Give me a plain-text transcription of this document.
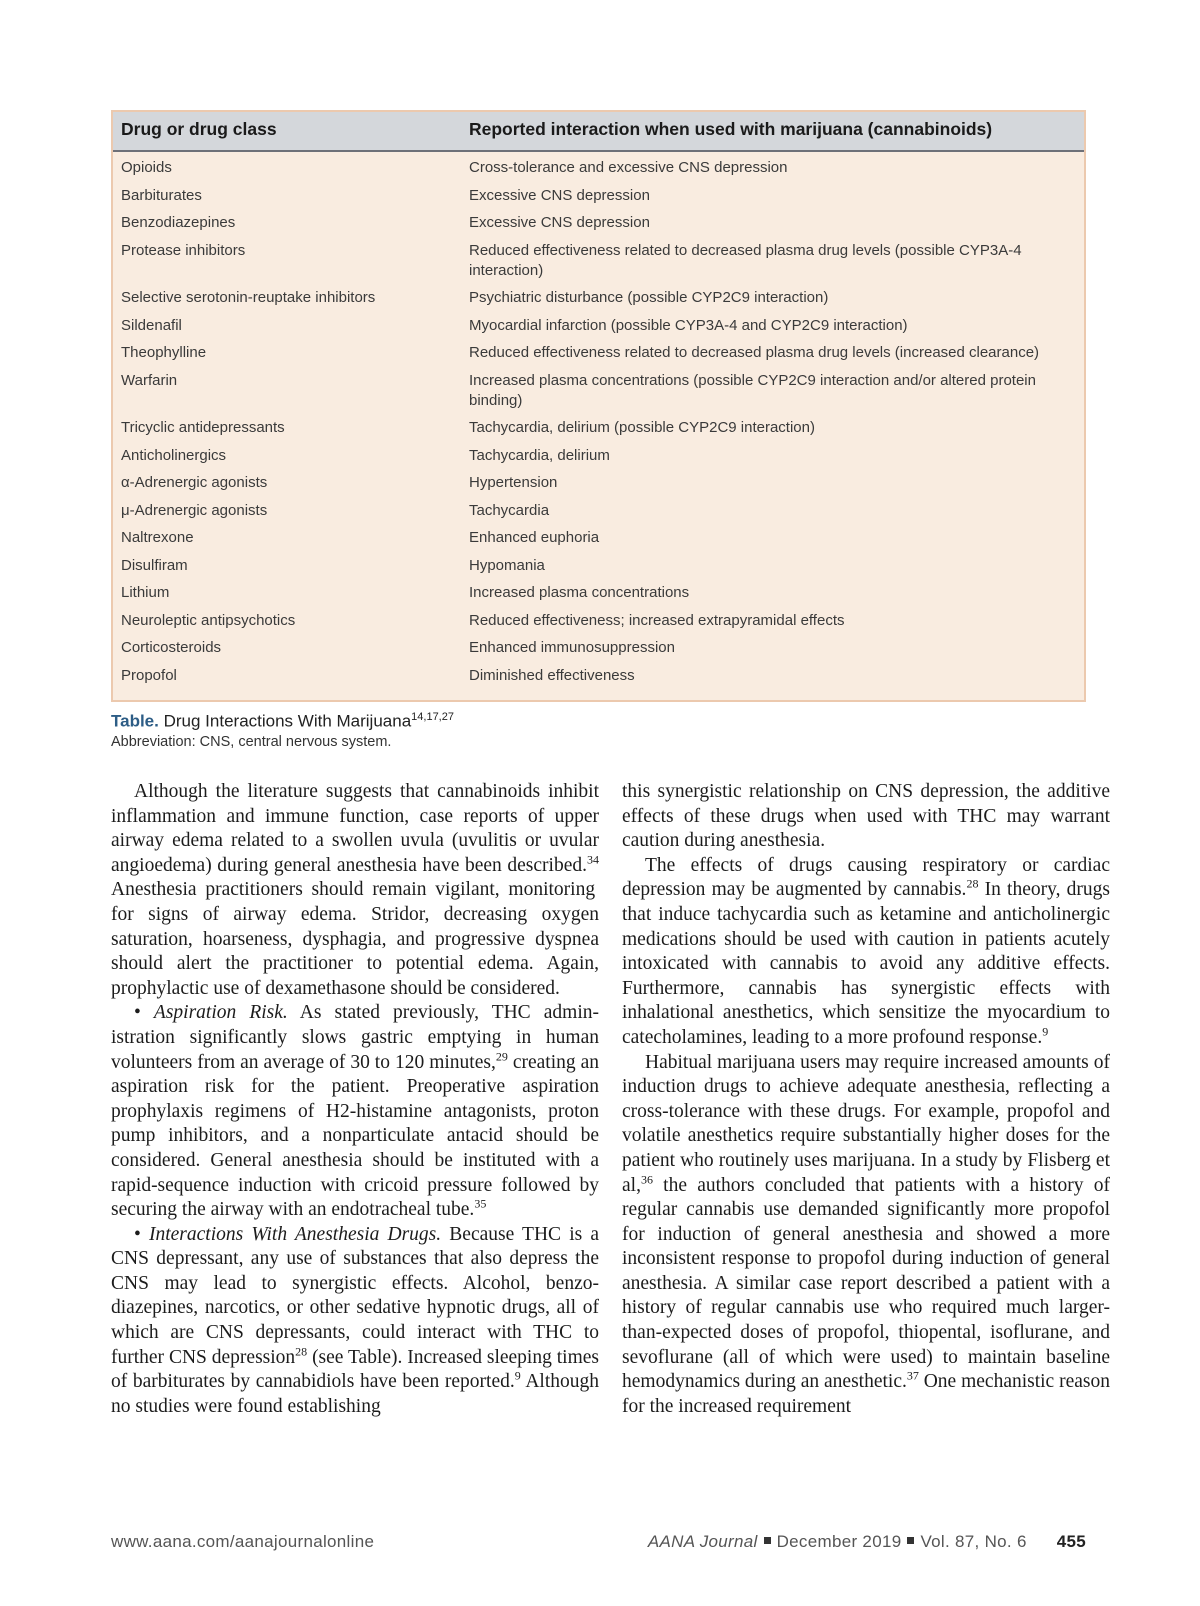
Drug or drug class	Reported interaction when used with marijuana (cannabinoids)
Opioids	Cross-tolerance and excessive CNS depression
Barbiturates	Excessive CNS depression
Benzodiazepines	Excessive CNS depression
Protease inhibitors	Reduced effectiveness related to decreased plasma drug levels (possible CYP3A-4 interaction)
Selective serotonin-reuptake inhibitors	Psychiatric disturbance (possible CYP2C9 interaction)
Sildenafil	Myocardial infarction (possible CYP3A-4 and CYP2C9 interaction)
Theophylline	Reduced effectiveness related to decreased plasma drug levels (increased clearance)
Warfarin	Increased plasma concentrations (possible CYP2C9 interaction and/or altered protein binding)
Tricyclic antidepressants	Tachycardia, delirium (possible CYP2C9 interaction)
Anticholinergics	Tachycardia, delirium
α-Adrenergic agonists	Hypertension
μ-Adrenergic agonists	Tachycardia
Naltrexone	Enhanced euphoria
Disulfiram	Hypomania
Lithium	Increased plasma concentrations
Neuroleptic antipsychotics	Reduced effectiveness; increased extrapyramidal effects
Corticosteroids	Enhanced immunosuppression
Propofol	Diminished effectiveness
Table. Drug Interactions With Marijuana$^{14,17,27}$
Abbreviation: CNS, central nervous system.

Although the literature suggests that cannabinoids inhibit inflammation and immune function, case reports of upper airway edema related to a swollen uvula (uvulitis or uvular angioedema) during general anesthesia have been described.$^{34}$ Anesthesia practitioners should remain vigilant, monitoring for signs of airway edema. Stridor, decreasing oxygen saturation, hoarseness, dysphagia, and progressive dyspnea should alert the practitioner to potential edema. Again, prophylactic use of dexamethasone should be considered.

• Aspiration Risk. As stated previously, THC administration significantly slows gastric emptying in human volunteers from an average of 30 to 120 minutes,$^{29}$ creating an aspiration risk for the patient. Preoperative aspiration prophylaxis regimens of H2-histamine antagonists, proton pump inhibitors, and a nonparticulate antacid should be considered. General anesthesia should be instituted with a rapid-sequence induction with cricoid pressure followed by securing the airway with an endotracheal tube.$^{35}$

• Interactions With Anesthesia Drugs. Because THC is a CNS depressant, any use of substances that also depress the CNS may lead to synergistic effects. Alcohol, benzodiazepines, narcotics, or other sedative hypnotic drugs, all of which are CNS depressants, could interact with THC to further CNS depression$^{28}$ (see Table). Increased sleeping times of barbiturates by cannabidiols have been reported.$^9$ Although no studies were found establishing

this synergistic relationship on CNS depression, the additive effects of these drugs when used with THC may warrant caution during anesthesia.

The effects of drugs causing respiratory or cardiac depression may be augmented by cannabis.$^{28}$ In theory, drugs that induce tachycardia such as ketamine and anticholinergic medications should be used with caution in patients acutely intoxicated with cannabis to avoid any additive effects. Furthermore, cannabis has synergistic effects with inhalational anesthetics, which sensitize the myocardium to catecholamines, leading to a more profound response.$^9$

Habitual marijuana users may require increased amounts of induction drugs to achieve adequate anesthesia, reflecting a cross-tolerance with these drugs. For example, propofol and volatile anesthetics require substantially higher doses for the patient who routinely uses marijuana. In a study by Flisberg et al,$^{36}$ the authors concluded that patients with a history of regular cannabis use demanded significantly more propofol for induction of general anesthesia and showed a more inconsistent response to propofol during induction of general anesthesia. A similar case report described a patient with a history of regular cannabis use who required much larger-than-expected doses of propofol, thiopental, isoflurane, and sevoflurane (all of which were used) to maintain baseline hemodynamics during an anesthetic.$^{37}$ One mechanistic reason for the increased requirement

www.aana.com/aanajournalonline	AANA Journal December 2019 Vol. 87, No. 6 455
